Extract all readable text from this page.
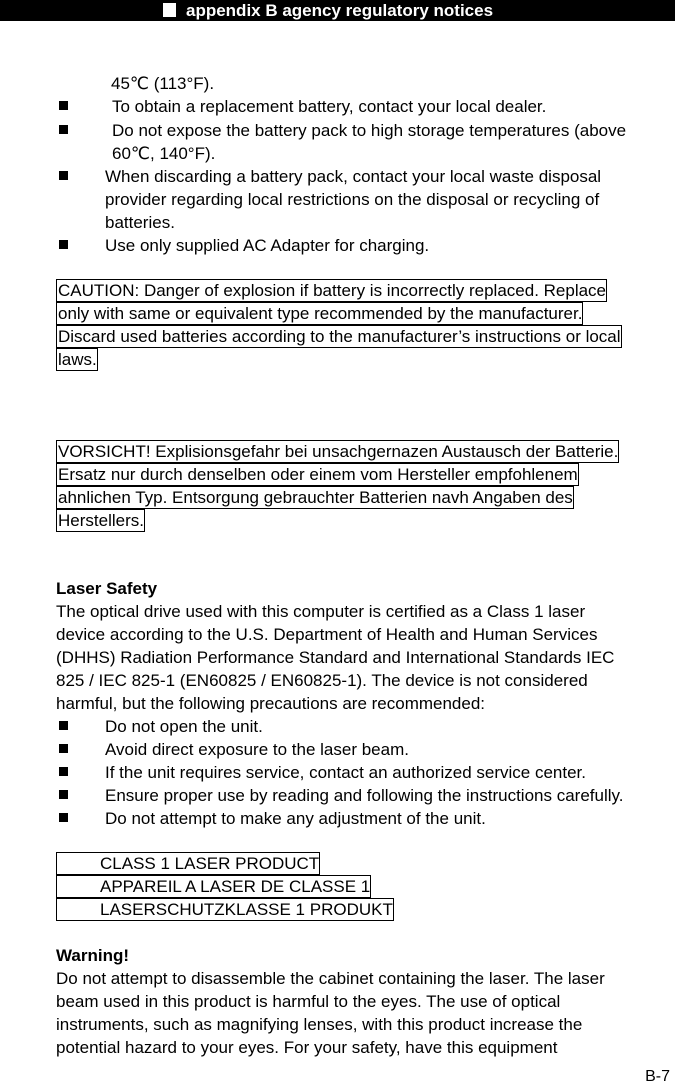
appendix B agency regulatory notices
45℃ (113°F).
To obtain a replacement battery, contact your local dealer.
Do not expose the battery pack to high storage temperatures (above
60℃, 140°F).
When discarding a battery pack, contact your local waste disposal
provider regarding local restrictions on the disposal or recycling of
batteries.
Use only supplied AC Adapter for charging.
CAUTION: Danger of explosion if battery is incorrectly replaced. Replace
only with same or equivalent type recommended by the manufacturer.
Discard used batteries according to the manufacturer’s instructions or local
laws.
VORSICHT! Explisionsgefahr bei unsachgernazen Austausch der Batterie.
Ersatz nur durch denselben oder einem vom Hersteller empfohlenem
ahnlichen Typ. Entsorgung gebrauchter Batterien navh Angaben des
Herstellers.
Laser Safety
The optical drive used with this computer is certified as a Class 1 laser
device according to the U.S. Department of Health and Human Services
(DHHS) Radiation Performance Standard and International Standards IEC
825 / IEC 825-1 (EN60825 / EN60825-1). The device is not considered
harmful, but the following precautions are recommended:
Do not open the unit.
Avoid direct exposure to the laser beam.
If the unit requires service, contact an authorized service center.
Ensure proper use by reading and following the instructions carefully.
Do not attempt to make any adjustment of the unit.
CLASS 1 LASER PRODUCT
APPAREIL A LASER DE CLASSE 1
LASERSCHUTZKLASSE 1 PRODUKT
Warning!
Do not attempt to disassemble the cabinet containing the laser. The laser
beam used in this product is harmful to the eyes. The use of optical
instruments, such as magnifying lenses, with this product increase the
potential hazard to your eyes. For your safety, have this equipment
B-7
